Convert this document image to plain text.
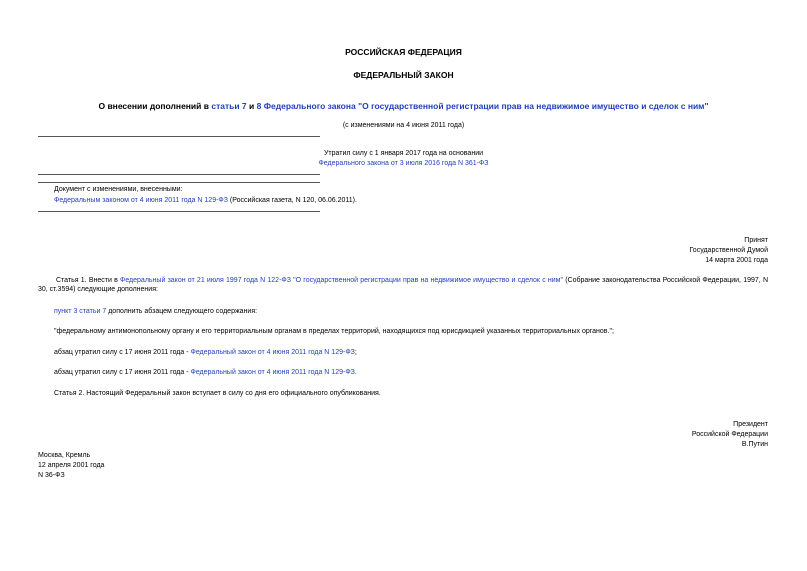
РОССИЙСКАЯ ФЕДЕРАЦИЯ
ФЕДЕРАЛЬНЫЙ ЗАКОН
О внесении дополнений в статьи 7 и 8 Федерального закона "О государственной регистрации прав на недвижимое имущество и сделок с ним"
(с изменениями на 4 июня 2011 года)
Утратил силу с 1 января 2017 года на основании
Федерального закона от 3 июля 2016 года N 361-ФЗ
Документ с изменениями, внесенными:
Федеральным законом от 4 июня 2011 года N 129-ФЗ (Российская газета, N 120, 06.06.2011).
Принят
Государственной Думой
14 марта 2001 года
Статья 1. Внести в Федеральный закон от 21 июля 1997 года N 122-ФЗ "О государственной регистрации прав на недвижимое имущество и сделок с ним" (Собрание законодательства Российской Федерации, 1997, N 30, ст.3594) следующие дополнения:
пункт 3 статьи 7 дополнить абзацем следующего содержания:
"федеральному антимонопольному органу и его территориальным органам в пределах территорий, находящихся под юрисдикцией указанных территориальных органов.";
абзац утратил силу с 17 июня 2011 года - Федеральный закон от 4 июня 2011 года N 129-ФЗ;
абзац утратил силу с 17 июня 2011 года - Федеральный закон от 4 июня 2011 года N 129-ФЗ.
Статья 2. Настоящий Федеральный закон вступает в силу со дня его официального опубликования.
Президент
Российской Федерации
В.Путин
Москва, Кремль
12 апреля 2001 года
N 36-ФЗ
